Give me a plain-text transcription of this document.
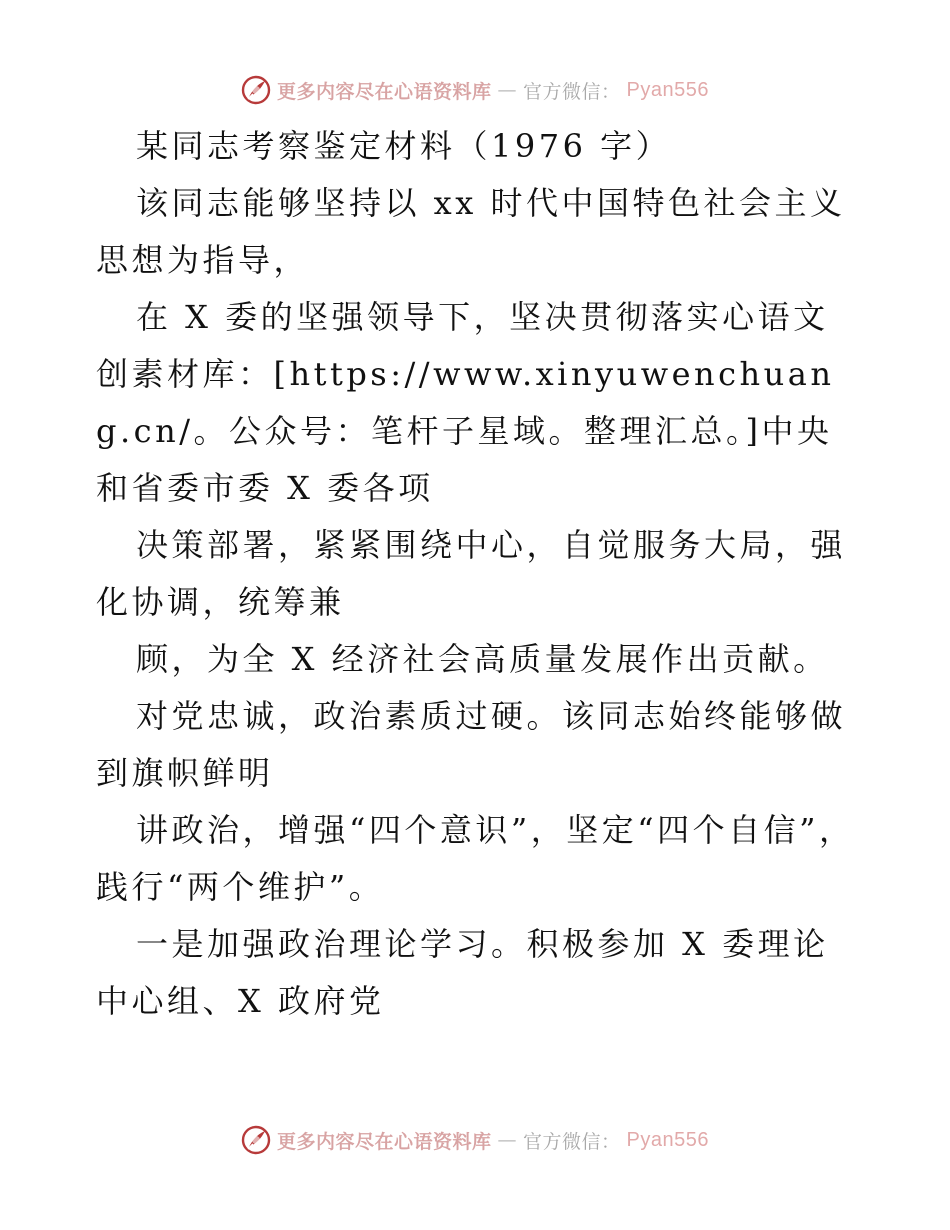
更多内容尽在心语资料库 — 官方微信： Pyan556

某同志考察鉴定材料（1976 字）

该同志能够坚持以 xx 时代中国特色社会主义思想为指导，

在 X 委的坚强领导下，坚决贯彻落实心语文创素材库：[https://www.xinyuwenchuang.cn/。公众号：笔杆子星域。整理汇总。]中央和省委市委 X 委各项

决策部署，紧紧围绕中心，自觉服务大局，强化协调，统筹兼

顾，为全 X 经济社会高质量发展作出贡献。

对党忠诚，政治素质过硬。该同志始终能够做到旗帜鲜明

讲政治，增强“四个意识”，坚定“四个自信”，践行“两个维护”。

一是加强政治理论学习。积极参加 X 委理论中心组、X 政府党

更多内容尽在心语资料库 — 官方微信： Pyan556
